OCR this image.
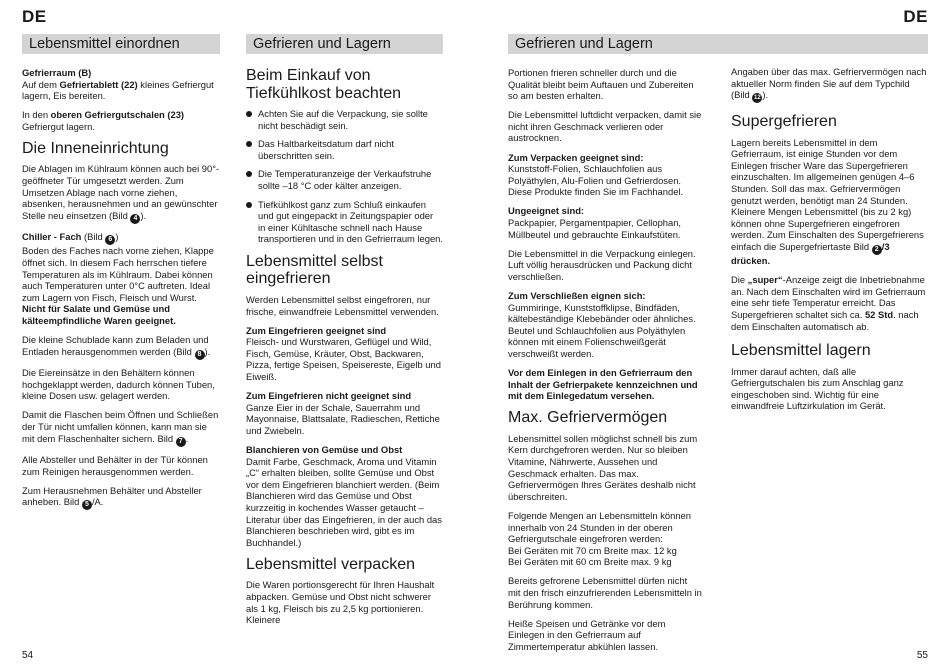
DE	DE
Lebensmittel einordnen

Gefrierraum (B)
Auf dem Gefriertablett (22) kleines Gefriergut lagern, Eis bereiten.

In den oberen Gefriergutschalen (23) Gefriergut lagern.

Die Inneneinrichtung

Die Ablagen im Kühlraum können auch bei 90°-geöffneter Tür umgesetzt werden. Zum Umsetzen Ablage nach vorne ziehen, absenken, herausnehmen und an gewünschter Stelle neu einsetzen (Bild 4 ).

Chiller - Fach (Bild 6 )
Boden des Faches nach vorne ziehen, Klappe öffnet sich. In diesem Fach herrschen tiefere Temperaturen als im Kühlraum. Dabei können auch Temperaturen unter 0°C auftreten. Ideal zum Lagern von Fisch, Fleisch und Wurst.
Nicht für Salate und Gemüse und kälteempfindliche Waren geeignet.

Die kleine Schublade kann zum Beladen und Entladen herausgenommen werden (Bild 8 ).

Die Eiereinsätze in den Behältern können hochgeklappt werden, dadurch können Tuben, kleine Dosen usw. gelagert werden.

Damit die Flaschen beim Öffnen und Schließen der Tür nicht umfallen können, kann man sie mit dem Flaschenhalter sichern. Bild 7 .

Alle Absteller und Behälter in der Tür können zum Reinigen herausgenommen werden.

Zum Herausnehmen Behälter und Absteller anheben. Bild 5 /A.

Gefrieren und Lagern
Beim Einkauf von Tiefkühlkost beachten
Achten Sie auf die Verpackung, sie sollte nicht beschädigt sein.
Das Haltbarkeitsdatum darf nicht überschritten sein.
Die Temperaturanzeige der Verkaufstruhe sollte –18 °C oder kälter anzeigen.
Tiefkühlkost ganz zum Schluß einkaufen und gut eingepackt in Zeitungspapier oder in einer Kühltasche schnell nach Hause transportieren und in den Gefrierraum legen.
Lebensmittel selbst eingefrieren

Werden Lebensmittel selbst eingefroren, nur frische, einwandfreie Lebensmittel verwenden.

Zum Eingefrieren geeignet sind
Fleisch- und Wurstwaren, Geflügel und Wild, Fisch, Gemüse, Kräuter, Obst, Backwaren, Pizza, fertige Speisen, Speisereste, Eigelb und Eiweiß.

Zum Eingefrieren nicht geeignet sind
Ganze Eier in der Schale, Sauerrahm und Mayonnaise, Blattsalate, Radieschen, Rettiche und Zwiebeln.

Blanchieren von Gemüse und Obst
Damit Farbe, Geschmack, Aroma und Vitamin „C“ erhalten bleiben, sollte Gemüse und Obst vor dem Eingefrieren blanchiert werden. (Beim Blanchieren wird das Gemüse und Obst kurzzeitig in kochendes Wasser getaucht – Literatur über das Eingefrieren, in der auch das Blanchieren beschrieben wird, gibt es im Buchhandel.)

Lebensmittel verpacken

Die Waren portionsgerecht für Ihren Haushalt abpacken. Gemüse und Obst nicht schwerer als 1 kg, Fleisch bis zu 2,5 kg portionieren. Kleinere

Gefrieren und Lagern

Portionen frieren schneller durch und die Qualität bleibt beim Auftauen und Zubereiten so am besten erhalten.

Die Lebensmittel luftdicht verpacken, damit sie nicht ihren Geschmack verlieren oder austrocknen.

Zum Verpacken geeignet sind:
Kunststoff-Folien, Schlauchfolien aus Polyäthylen, Alu-Folien und Gefrierdosen. Diese Produkte finden Sie im Fachhandel.

Ungeeignet sind:
Packpapier, Pergamentpapier, Cellophan, Müllbeutel und gebrauchte Einkaufstüten.

Die Lebensmittel in die Verpackung einlegen. Luft völlig herausdrücken und Packung dicht verschließen.

Zum Verschließen eignen sich:
Gummiringe, Kunststoffklipse, Bindfäden, kältebeständige Klebebänder oder ähnliches. Beutel und Schlauchfolien aus Polyäthylen können mit einem Folienschweißgerät verschweißt werden.

Vor dem Einlegen in den Gefrierraum den Inhalt der Gefrierpakete kennzeichnen und mit dem Einlegedatum versehen.

Max. Gefriervermögen

Lebensmittel sollen möglichst schnell bis zum Kern durchgefroren werden. Nur so bleiben Vitamine, Nährwerte, Aussehen und Geschmack erhalten. Das max. Gefriervermögen Ihres Gerätes deshalb nicht überschreiten.

Folgende Mengen an Lebensmitteln können innerhalb von 24 Stunden in der oberen Gefriergutschale eingefroren werden:
Bei Geräten mit 70 cm Breite max. 12 kg
Bei Geräten mit 60 cm Breite max. 9 kg

Bereits gefrorene Lebensmittel dürfen nicht mit den frisch einzufrierenden Lebensmitteln in Berührung kommen.

Heiße Speisen und Getränke vor dem Einlegen in den Gefrierraum auf Zimmertemperatur abkühlen lassen.

Angaben über das max. Gefriervermögen nach aktueller Norm finden Sie auf dem Typchild (Bild 12 ).

Supergefrieren

Lagern bereits Lebensmittel in dem Gefrierraum, ist einige Stunden vor dem Einlegen frischer Ware das Supergefrieren einzuschalten. Im allgemeinen genügen 4–6 Stunden. Soll das max. Gefriervermögen genutzt werden, benötigt man 24 Stunden. Kleinere Mengen Lebensmittel (bis zu 2 kg) können ohne Supergefrieren eingefroren werden. Zum Einschalten des Supergefrierens einfach die Supergefriertaste Bild 2 /3 drücken.

Die „super“-Anzeige zeigt die Inbetriebnahme an. Nach dem Einschalten wird im Gefrierraum eine sehr tiefe Temperatur erreicht. Das Supergefrieren schaltet sich ca. 52 Std. nach dem Einschalten automatisch ab.

Lebensmittel lagern

Immer darauf achten, daß alle Gefriergutschalen bis zum Anschlag ganz eingeschoben sind. Wichtig für eine einwandfreie Luftzirkulation im Gerät.

54	55
